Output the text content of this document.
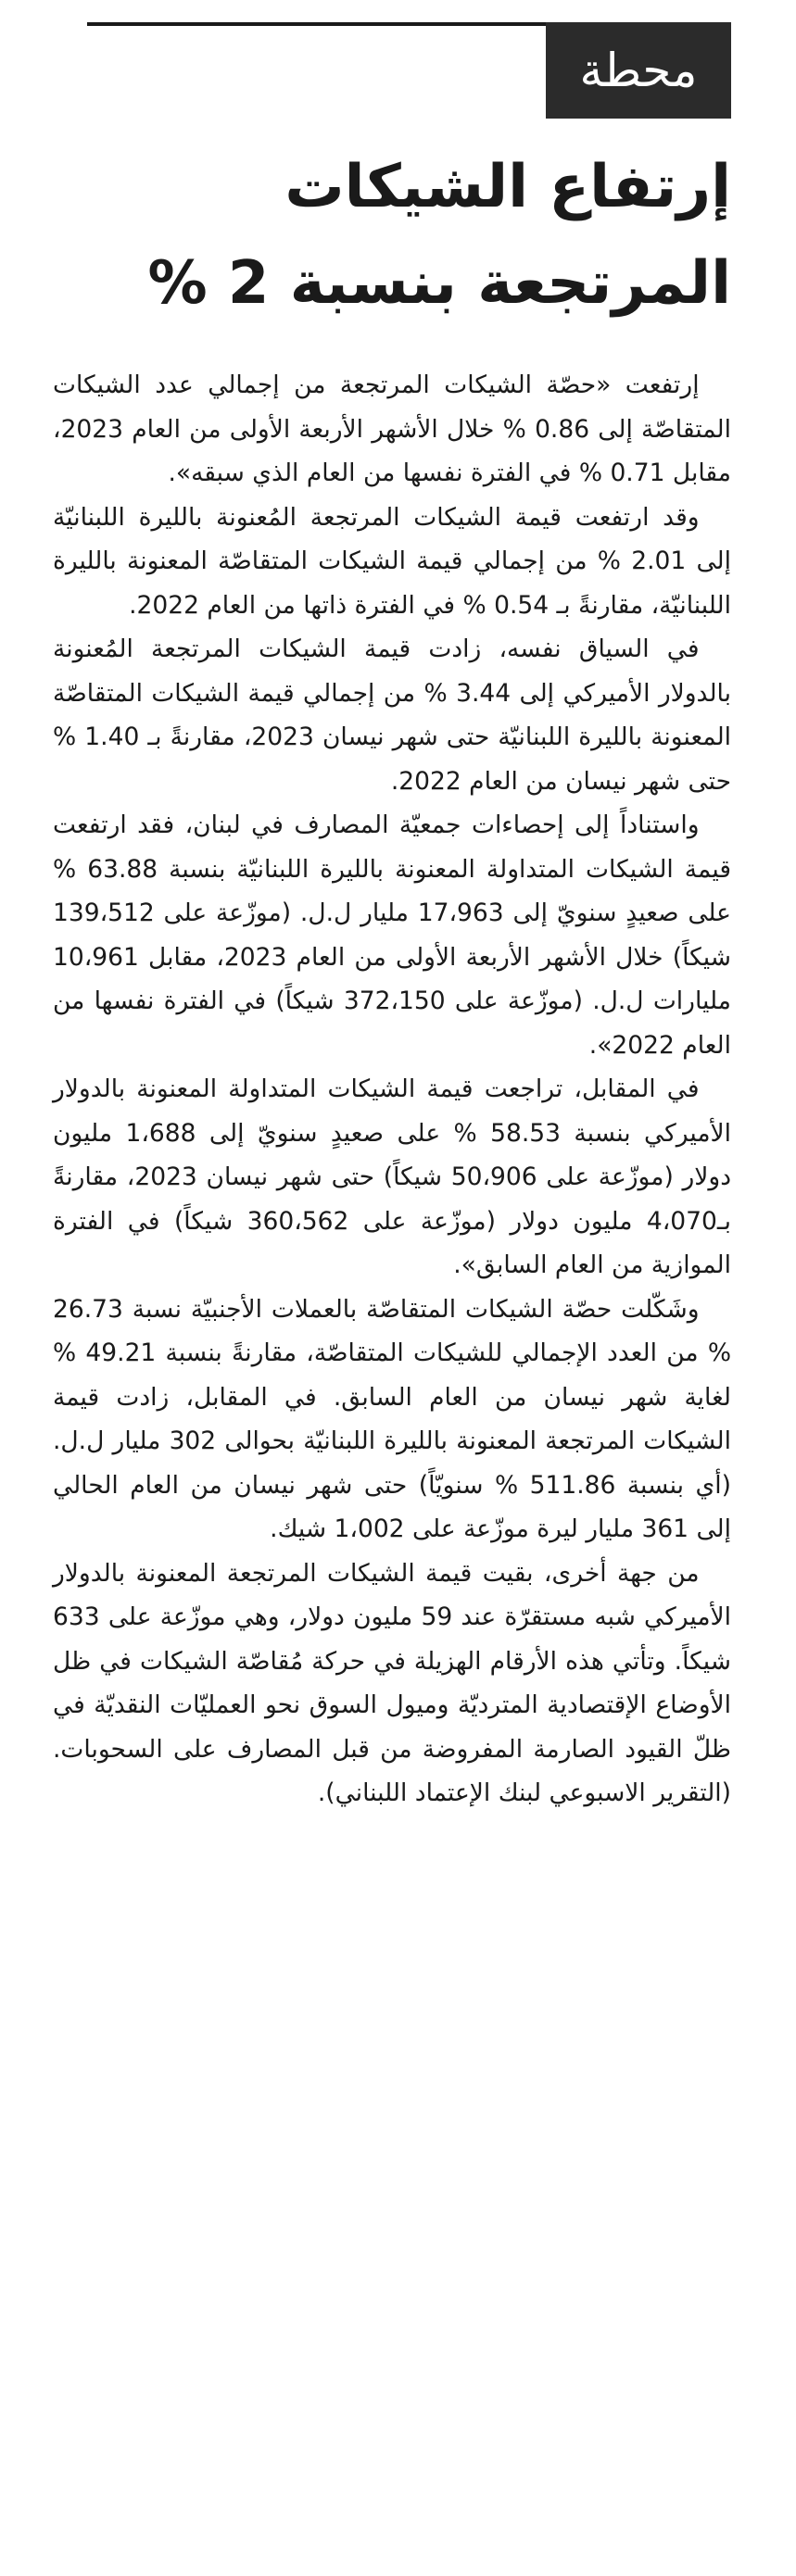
محطة
إرتفاع الشيكات
المرتجعة بنسبة 2 %

إرتفعت «حصّة الشيكات المرتجعة من إجمالي عدد الشيكات المتقاصّة إلى 0.86 % خلال الأشهر الأربعة الأولى من العام 2023، مقابل 0.71 % في الفترة نفسها من العام الذي سبقه».

وقد ارتفعت قيمة الشيكات المرتجعة المُعنونة بالليرة اللبنانيّة إلى 2.01 % من إجمالي قيمة الشيكات المتقاصّة المعنونة بالليرة اللبنانيّة، مقارنةً بـ 0.54 % في الفترة ذاتها من العام 2022.

في السياق نفسه، زادت قيمة الشيكات المرتجعة المُعنونة بالدولار الأميركي إلى 3.44 % من إجمالي قيمة الشيكات المتقاصّة المعنونة بالليرة اللبنانيّة حتى شهر نيسان 2023، مقارنةً بـ 1.40 % حتى شهر نيسان من العام 2022.

واستناداً إلى إحصاءات جمعيّة المصارف في لبنان، فقد ارتفعت قيمة الشيكات المتداولة المعنونة بالليرة اللبنانيّة بنسبة 63.88 % على صعيدٍ سنويّ إلى 17،963 مليار ل.ل. (موزّعة على 139،512 شيكاً) خلال الأشهر الأربعة الأولى من العام 2023، مقابل 10،961 مليارات ل.ل. (موزّعة على 372،150 شيكاً) في الفترة نفسها من العام 2022».

في المقابل، تراجعت قيمة الشيكات المتداولة المعنونة بالدولار الأميركي بنسبة 58.53 % على صعيدٍ سنويّ إلى 1،688 مليون دولار (موزّعة على 50،906 شيكاً) حتى شهر نيسان 2023، مقارنةً بـ4،070 مليون دولار (موزّعة على 360،562 شيكاً) في الفترة الموازية من العام السابق».

وشَكّلت حصّة الشيكات المتقاصّة بالعملات الأجنبيّة نسبة 26.73 % من العدد الإجمالي للشيكات المتقاصّة، مقارنةً بنسبة 49.21 % لغاية شهر نيسان من العام السابق. في المقابل، زادت قيمة الشيكات المرتجعة المعنونة بالليرة اللبنانيّة بحوالى 302 مليار ل.ل. (أي بنسبة 511.86 % سنويّاً) حتى شهر نيسان من العام الحالي إلى 361 مليار ليرة موزّعة على 1،002 شيك.

من جهة أخرى، بقيت قيمة الشيكات المرتجعة المعنونة بالدولار الأميركي شبه مستقرّة عند 59 مليون دولار، وهي موزّعة على 633 شيكاً. وتأتي هذه الأرقام الهزيلة في حركة مُقاصّة الشيكات في ظل الأوضاع الإقتصادية المترديّة وميول السوق نحو العمليّات النقديّة في ظلّ القيود الصارمة المفروضة من قبل المصارف على السحوبات. (التقرير الاسبوعي لبنك الإعتماد اللبناني).
